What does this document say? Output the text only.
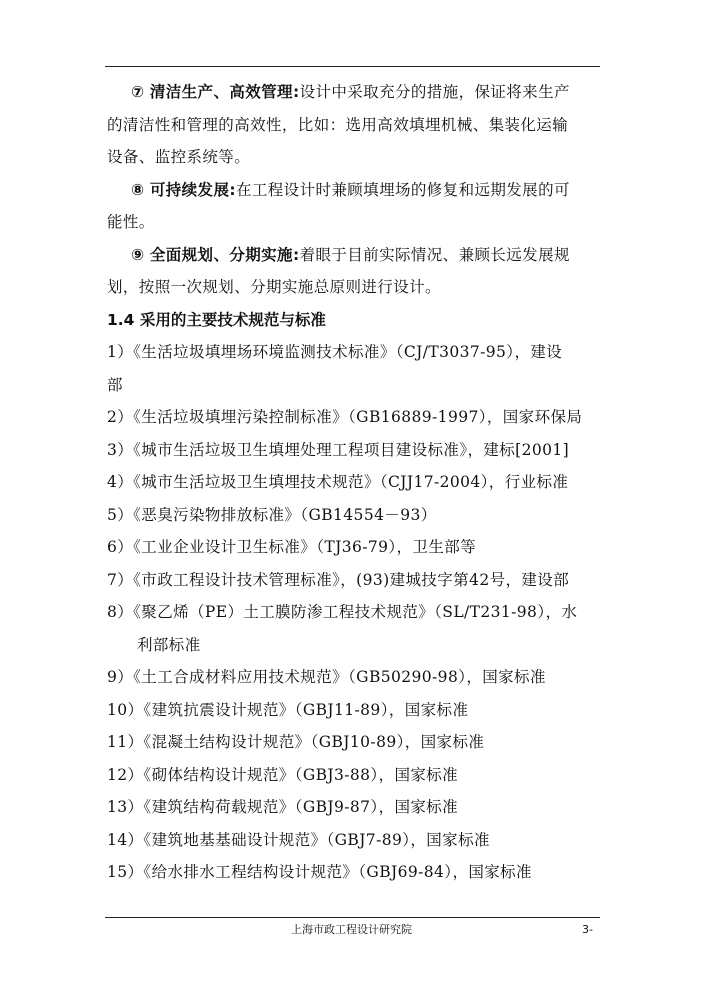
⑦ 清洁生产、高效管理:设计中采取充分的措施，保证将来生产
的清洁性和管理的高效性，比如：选用高效填埋机械、集装化运输
设备、监控系统等。
⑧ 可持续发展:在工程设计时兼顾填埋场的修复和远期发展的可
能性。
⑨ 全面规划、分期实施:着眼于目前实际情况、兼顾长远发展规
划，按照一次规划、分期实施总原则进行设计。
1.4 采用的主要技术规范与标准
1）《生活垃圾填埋场环境监测技术标准》（CJ/T3037-95），建设
部
2）《生活垃圾填埋污染控制标准》（GB16889-1997），国家环保局
3）《城市生活垃圾卫生填埋处理工程项目建设标准》，建标[2001]
4）《城市生活垃圾卫生填埋技术规范》（CJJ17-2004），行业标准
5）《恶臭污染物排放标准》（GB14554－93）
6）《工业企业设计卫生标准》（TJ36-79），卫生部等
7）《市政工程设计技术管理标准》，(93)建城技字第42号，建设部
8）《聚乙烯（PE）土工膜防渗工程技术规范》（SL/T231-98），水
利部标准
9）《土工合成材料应用技术规范》（GB50290-98），国家标准
10）《建筑抗震设计规范》（GBJ11-89），国家标准
11）《混凝土结构设计规范》（GBJ10-89），国家标准
12）《砌体结构设计规范》（GBJ3-88），国家标准
13）《建筑结构荷载规范》（GBJ9-87），国家标准
14）《建筑地基基础设计规范》（GBJ7-89），国家标准
15）《给水排水工程结构设计规范》（GBJ69-84），国家标准
上海市政工程设计研究院	3-
